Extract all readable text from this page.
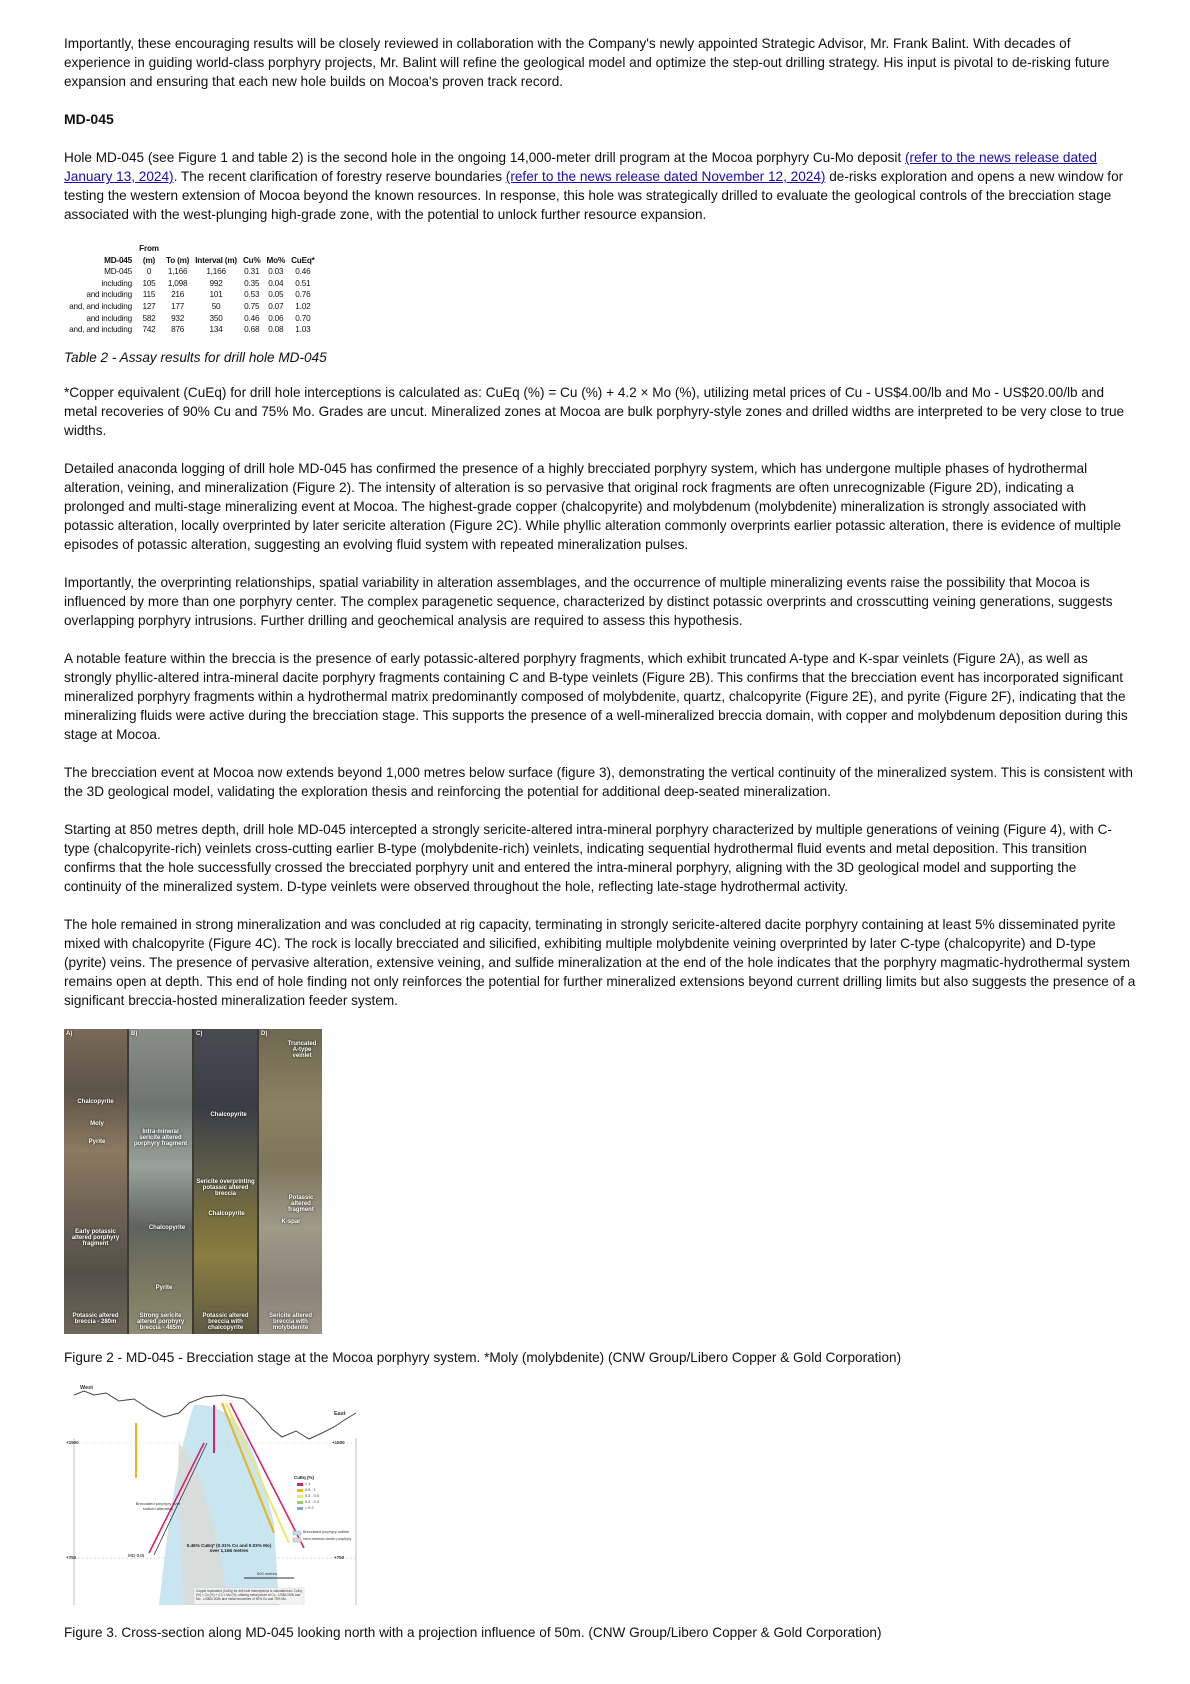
Importantly, these encouraging results will be closely reviewed in collaboration with the Company's newly appointed Strategic Advisor, Mr. Frank Balint. With decades of experience in guiding world-class porphyry projects, Mr. Balint will refine the geological model and optimize the step-out drilling strategy. His input is pivotal to de-risking future expansion and ensuring that each new hole builds on Mocoa's proven track record.

MD-045

Hole MD-045 (see Figure 1 and table 2) is the second hole in the ongoing 14,000-meter drill program at the Mocoa porphyry Cu-Mo deposit (refer to the news release dated January 13, 2024). The recent clarification of forestry reserve boundaries (refer to the news release dated November 12, 2024) de-risks exploration and opens a new window for testing the western extension of Mocoa beyond the known resources. In response, this hole was strategically drilled to evaluate the geological controls of the brecciation stage associated with the west-plunging high-grade zone, with the potential to unlock further resource expansion.

MD-045	From (m)	To (m)	Interval (m)	Cu%	Mo%	CuEq*
MD-045	0	1,166	1,166	0.31	0.03	0.46
including	105	1,098	992	0.35	0.04	0.51
and including	115	216	101	0.53	0.05	0.76
and, and including	127	177	50	0.75	0.07	1.02
and including	582	932	350	0.46	0.06	0.70
and, and including	742	876	134	0.68	0.08	1.03

Table 2 - Assay results for drill hole MD-045

*Copper equivalent (CuEq) for drill hole interceptions is calculated as: CuEq (%) = Cu (%) + 4.2 × Mo (%), utilizing metal prices of Cu - US$4.00/lb and Mo - US$20.00/lb and metal recoveries of 90% Cu and 75% Mo. Grades are uncut. Mineralized zones at Mocoa are bulk porphyry-style zones and drilled widths are interpreted to be very close to true widths.

Detailed anaconda logging of drill hole MD-045 has confirmed the presence of a highly brecciated porphyry system, which has undergone multiple phases of hydrothermal alteration, veining, and mineralization (Figure 2). The intensity of alteration is so pervasive that original rock fragments are often unrecognizable (Figure 2D), indicating a prolonged and multi-stage mineralizing event at Mocoa. The highest-grade copper (chalcopyrite) and molybdenum (molybdenite) mineralization is strongly associated with potassic alteration, locally overprinted by later sericite alteration (Figure 2C). While phyllic alteration commonly overprints earlier potassic alteration, there is evidence of multiple episodes of potassic alteration, suggesting an evolving fluid system with repeated mineralization pulses.

Importantly, the overprinting relationships, spatial variability in alteration assemblages, and the occurrence of multiple mineralizing events raise the possibility that Mocoa is influenced by more than one porphyry center. The complex paragenetic sequence, characterized by distinct potassic overprints and crosscutting veining generations, suggests overlapping porphyry intrusions. Further drilling and geochemical analysis are required to assess this hypothesis.

A notable feature within the breccia is the presence of early potassic-altered porphyry fragments, which exhibit truncated A-type and K-spar veinlets (Figure 2A), as well as strongly phyllic-altered intra-mineral dacite porphyry fragments containing C and B-type veinlets (Figure 2B). This confirms that the brecciation event has incorporated significant mineralized porphyry fragments within a hydrothermal matrix predominantly composed of molybdenite, quartz, chalcopyrite (Figure 2E), and pyrite (Figure 2F), indicating that the mineralizing fluids were active during the brecciation stage. This supports the presence of a well-mineralized breccia domain, with copper and molybdenum deposition during this stage at Mocoa.

The brecciation event at Mocoa now extends beyond 1,000 metres below surface (figure 3), demonstrating the vertical continuity of the mineralized system. This is consistent with the 3D geological model, validating the exploration thesis and reinforcing the potential for additional deep-seated mineralization.

Starting at 850 metres depth, drill hole MD-045 intercepted a strongly sericite-altered intra-mineral porphyry characterized by multiple generations of veining (Figure 4), with C-type (chalcopyrite-rich) veinlets cross-cutting earlier B-type (molybdenite-rich) veinlets, indicating sequential hydrothermal fluid events and metal deposition. This transition confirms that the hole successfully crossed the brecciated porphyry unit and entered the intra-mineral porphyry, aligning with the 3D geological model and supporting the continuity of the mineralized system. D-type veinlets were observed throughout the hole, reflecting late-stage hydrothermal activity.

The hole remained in strong mineralization and was concluded at rig capacity, terminating in strongly sericite-altered dacite porphyry containing at least 5% disseminated pyrite mixed with chalcopyrite (Figure 4C). The rock is locally brecciated and silicified, exhibiting multiple molybdenite veining overprinted by later C-type (chalcopyrite) and D-type (pyrite) veins. The presence of pervasive alteration, extensive veining, and sulfide mineralization at the end of the hole indicates that the porphyry magmatic-hydrothermal system remains open at depth. This end of hole finding not only reinforces the potential for further mineralized extensions beyond current drilling limits but also suggests the presence of a significant breccia-hosted mineralization feeder system.

A)
Chalcopyrite
Moly
Pyrite
Early potassic altered porphyry fragment
Potassic altered breccia - 280m
B)
Intra-mineral sericite altered porphyry fragment
Chalcopyrite
Pyrite
Strong sericite altered porphyry breccia - 485m
C)
Chalcopyrite
Sericite overprinting potassic altered breccia
Chalcopyrite
Potassic altered breccia with chalcopyrite
D)
Truncated A-type veinlet
Potassic altered fragment
K-spar
Sericite altered breccia with molybdenite

Figure 2 - MD-045 - Brecciation stage at the Mocoa porphyry system. *Moly (molybdenite) (CNW Group/Libero Copper & Gold Corporation)

West
East
+1500	+1500
+750	+750
Brecciated porphyry over sodium alteration
0.46% CuEq* (0.31% Cu and 0.03% Mo) over 1,166 metres
MD-045
CuEq (%)
> 1
0.5 - 1
0.3 - 0.5
0.2 - 0.3
< 0.2
Brecciated porphyry outline
Intra-mineral dacite porphyry
500 metres
Copper equivalent (CuEq) for drill hole interceptions is calculated as: CuEq (%) = Cu (%) + 4.2 × Mo (%), utilizing metal prices of Cu - US$4.00/lb and Mo - US$20.00/lb and metal recoveries of 90% Cu and 75% Mo.

Figure 3. Cross-section along MD-045 looking north with a projection influence of 50m. (CNW Group/Libero Copper & Gold Corporation)
